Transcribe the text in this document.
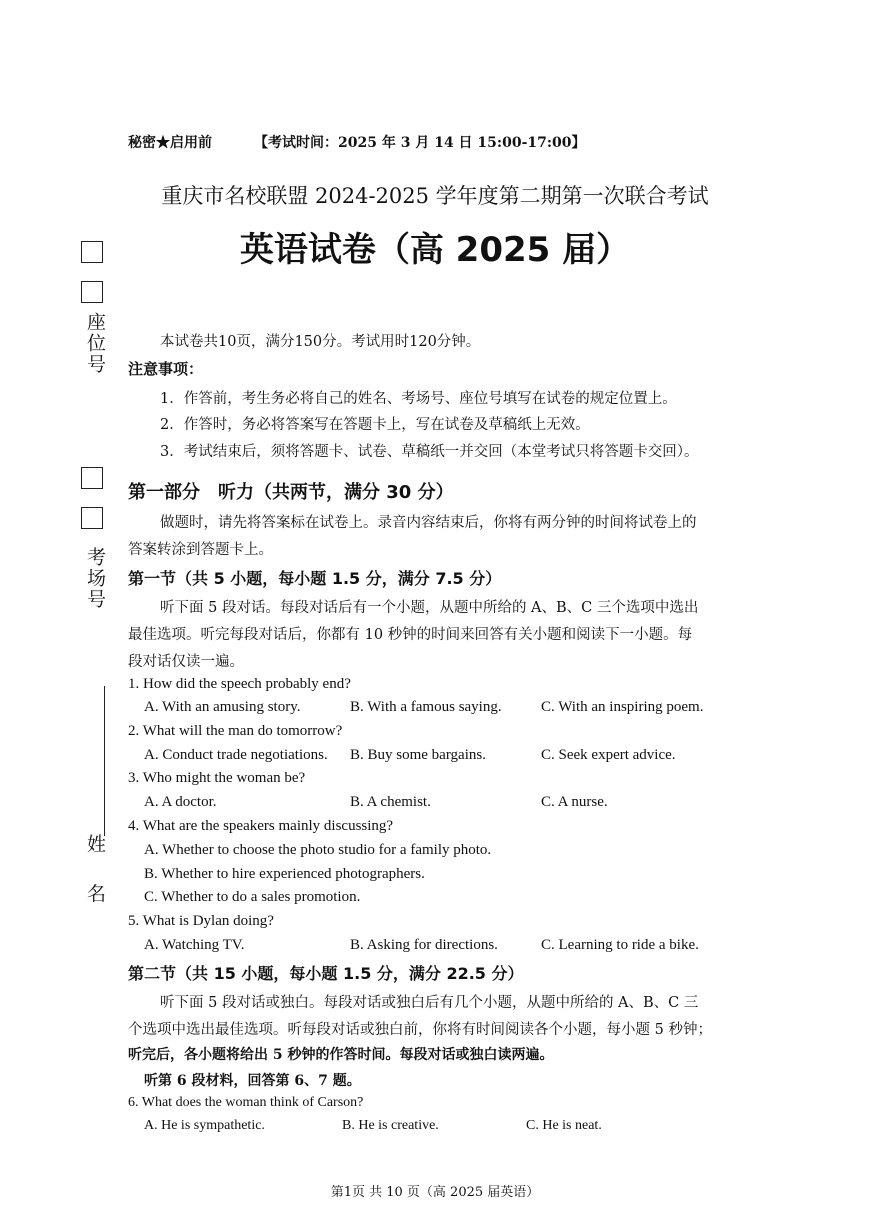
秘密★启用前	【考试时间：2025 年 3 月 14 日 15:00-17:00】
重庆市名校联盟 2024-2025 学年度第二期第一次联合考试
英语试卷（高 2025 届）
座位号
考场号
姓 名
本试卷共10页，满分150分。考试用时120分钟。
注意事项：
1．作答前，考生务必将自己的姓名、考场号、座位号填写在试卷的规定位置上。
2．作答时，务必将答案写在答题卡上，写在试卷及草稿纸上无效。
3．考试结束后，须将答题卡、试卷、草稿纸一并交回（本堂考试只将答题卡交回）。
第一部分　听力（共两节，满分 30 分）
做题时，请先将答案标在试卷上。录音内容结束后，你将有两分钟的时间将试卷上的
答案转涂到答题卡上。
第一节（共 5 小题，每小题 1.5 分，满分 7.5 分）
听下面 5 段对话。每段对话后有一个小题，从题中所给的 A、B、C 三个选项中选出
最佳选项。听完每段对话后，你都有 10 秒钟的时间来回答有关小题和阅读下一小题。每
段对话仅读一遍。
1. How did the speech probably end?
A. With an amusing story.	B. With a famous saying.	C. With an inspiring poem.
2. What will the man do tomorrow?
A. Conduct trade negotiations. B. Buy some bargains.	C. Seek expert advice.
3. Who might the woman be?
A. A doctor.	B. A chemist.	C. A nurse.
4. What are the speakers mainly discussing?
A. Whether to choose the photo studio for a family photo.
B. Whether to hire experienced photographers.
C. Whether to do a sales promotion.
5. What is Dylan doing?
A. Watching TV.	B. Asking for directions.	C. Learning to ride a bike.
第二节（共 15 小题，每小题 1.5 分，满分 22.5 分）
听下面 5 段对话或独白。每段对话或独白后有几个小题，从题中所给的 A、B、C 三
个选项中选出最佳选项。听每段对话或独白前，你将有时间阅读各个小题，每小题 5 秒钟；
听完后，各小题将给出 5 秒钟的作答时间。每段对话或独白读两遍。
听第 6 段材料，回答第 6、7 题。
6. What does the woman think of Carson?
A. He is sympathetic.	B. He is creative.	C. He is neat.
第1页 共 10 页（高 2025 届英语）
